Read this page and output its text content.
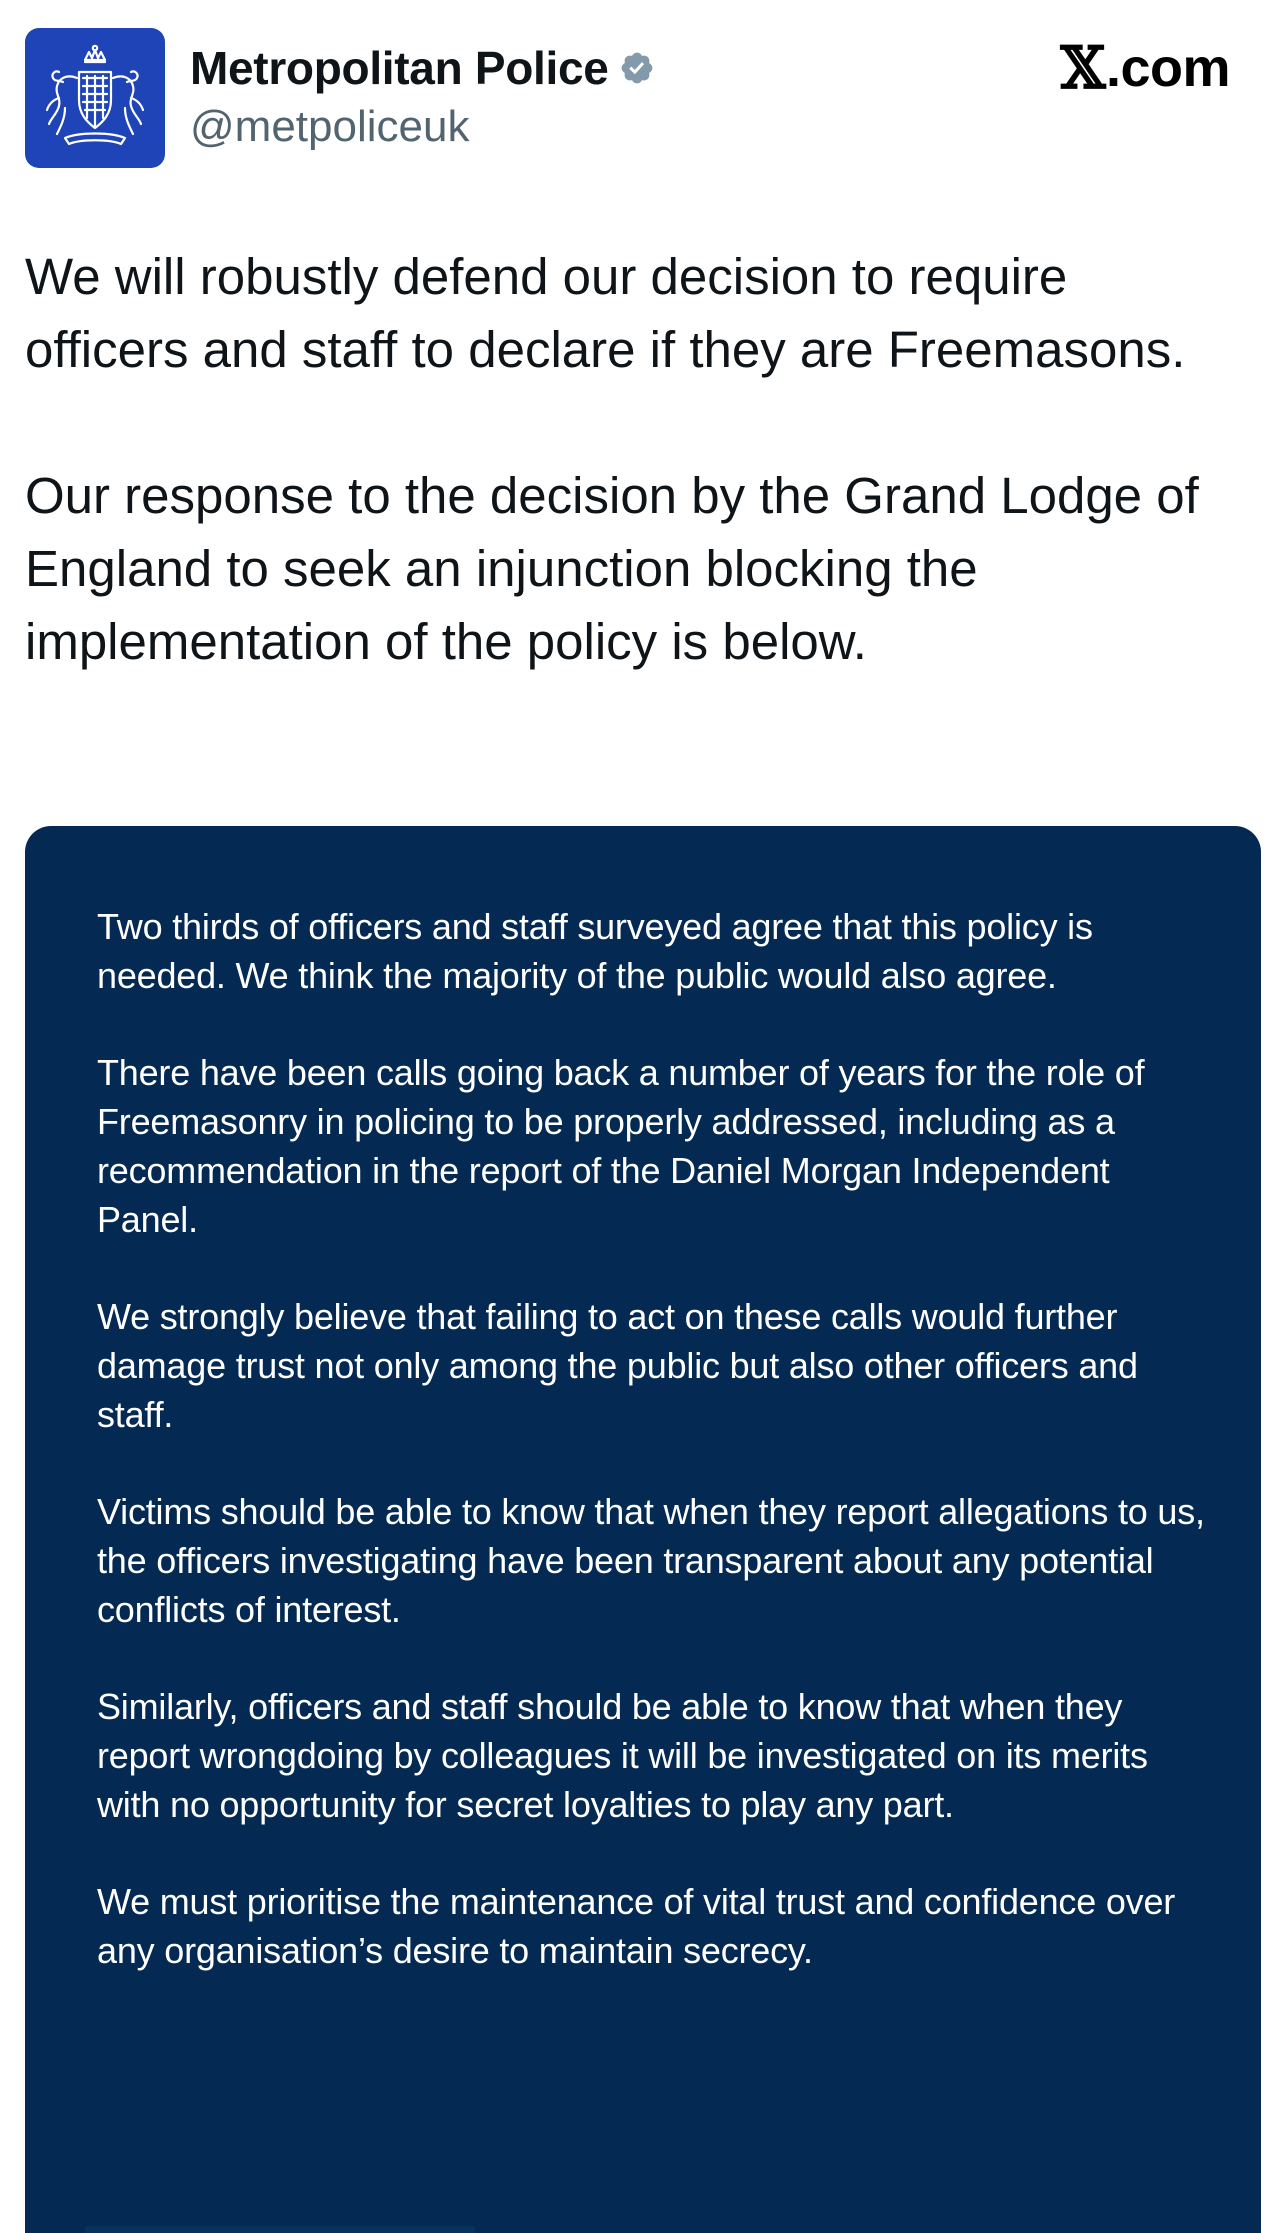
Metropolitan Police
@metpoliceuk
𝕏 .com

We will robustly defend our decision to require officers and staff to declare if they are Freemasons.

Our response to the decision by the Grand Lodge of England to seek an injunction blocking the implementation of the policy is below.

Two thirds of officers and staff surveyed agree that this policy is needed. We think the majority of the public would also agree.

There have been calls going back a number of years for the role of Freemasonry in policing to be properly addressed, including as a recommendation in the report of the Daniel Morgan Independent Panel.

We strongly believe that failing to act on these calls would further damage trust not only among the public but also other officers and staff.

Victims should be able to know that when they report allegations to us, the officers investigating have been transparent about any potential conflicts of interest.

Similarly, officers and staff should be able to know that when they report wrongdoing by colleagues it will be investigated on its merits with no opportunity for secret loyalties to play any part.

We must prioritise the maintenance of vital trust and confidence over any organisation’s desire to maintain secrecy.
